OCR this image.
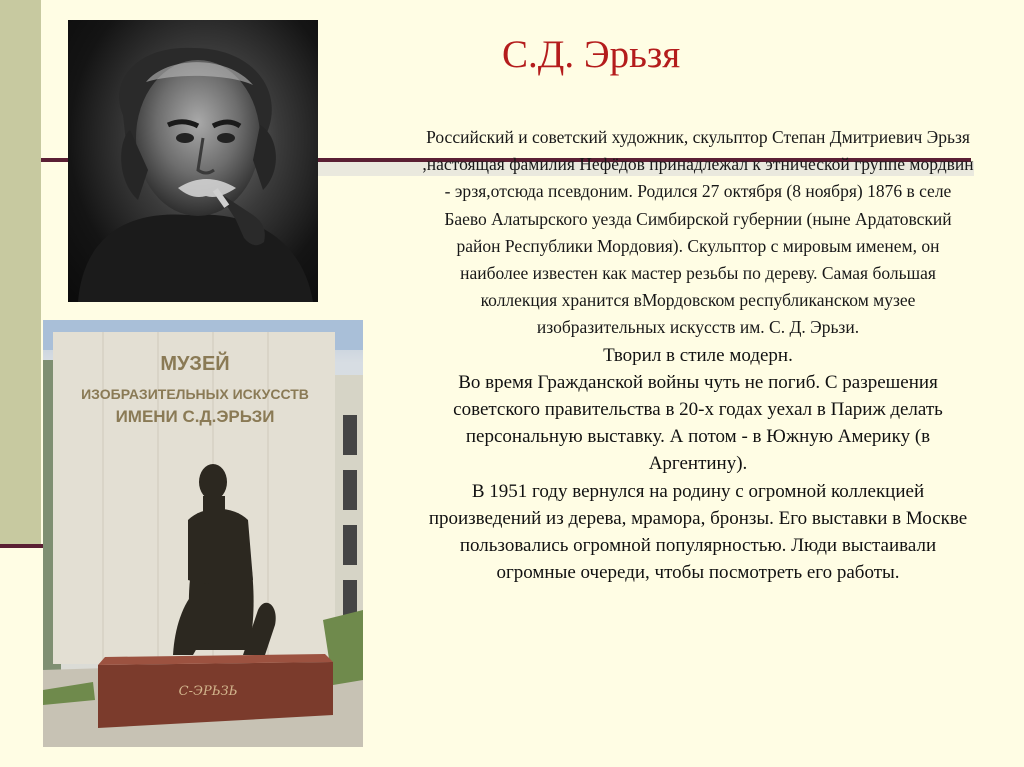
МУЗЕЙ
ИЗОБРАЗИТЕЛЬНЫХ ИСКУССТВ
ИМЕНИ С.Д.ЭРЬЗИ
С-ЭРЬЗЬ
С.Д. Эрьзя

Российский и советский художник, скульптор Степан Дмитриевич Эрьзя ,настоящая фамилия Нефёдов принадлежал к этнической группе мордвин - эрзя,отсюда псевдоним. Родился 27 октября (8 ноября) 1876 в селе Баево Алатырского уезда Симбирской губернии (ныне Ардатовский район Республики Мордовия). Скульптор с мировым именем, он наиболее известен как мастер резьбы по дереву. Самая большая коллекция хранится вМордовском республиканском музее изобразительных искусств им. С. Д. Эрьзи.

Творил в стиле модерн.

Во время Гражданской войны чуть не погиб. С разрешения советского правительства в 20-х годах уехал в Париж делать персональную выставку. А потом - в Южную Америку (в Аргентину).

В 1951 году вернулся на родину с огромной коллекцией произведений из дерева, мрамора, бронзы. Его выставки в Москве пользовались огромной популярностью. Люди выстаивали огромные очереди, чтобы посмотреть его работы.
